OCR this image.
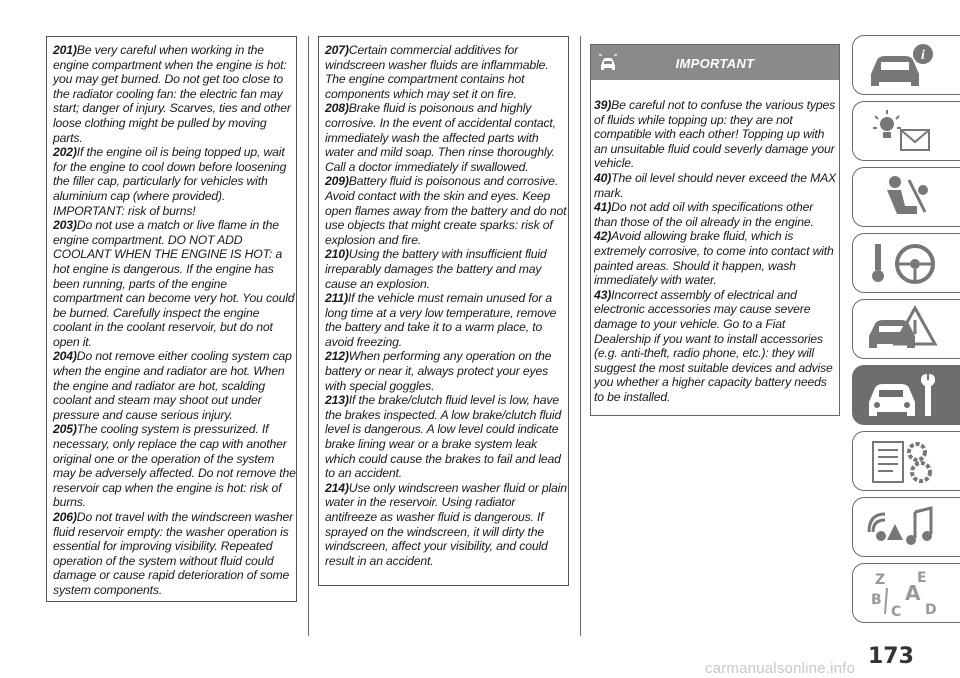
201)Be very careful when working in the engine compartment when the engine is hot: you may get burned. Do not get too close to the radiator cooling fan: the electric fan may start; danger of injury. Scarves, ties and other loose clothing might be pulled by moving parts.
202)If the engine oil is being topped up, wait for the engine to cool down before loosening the filler cap, particularly for vehicles with aluminium cap (where provided). IMPORTANT: risk of burns!
203)Do not use a match or live flame in the engine compartment. DO NOT ADD COOLANT WHEN THE ENGINE IS HOT: a hot engine is dangerous. If the engine has been running, parts of the engine compartment can become very hot. You could be burned. Carefully inspect the engine coolant in the coolant reservoir, but do not open it.
204)Do not remove either cooling system cap when the engine and radiator are hot. When the engine and radiator are hot, scalding coolant and steam may shoot out under pressure and cause serious injury.
205)The cooling system is pressurized. If necessary, only replace the cap with another original one or the operation of the system may be adversely affected. Do not remove the reservoir cap when the engine is hot: risk of burns.
206)Do not travel with the windscreen washer fluid reservoir empty: the washer operation is essential for improving visibility. Repeated operation of the system without fluid could damage or cause rapid deterioration of some system components.
207)Certain commercial additives for windscreen washer fluids are inflammable. The engine compartment contains hot components which may set it on fire.
208)Brake fluid is poisonous and highly corrosive. In the event of accidental contact, immediately wash the affected parts with water and mild soap. Then rinse thoroughly. Call a doctor immediately if swallowed.
209)Battery fluid is poisonous and corrosive. Avoid contact with the skin and eyes. Keep open flames away from the battery and do not use objects that might create sparks: risk of explosion and fire.
210)Using the battery with insufficient fluid irreparably damages the battery and may cause an explosion.
211)If the vehicle must remain unused for a long time at a very low temperature, remove the battery and take it to a warm place, to avoid freezing.
212)When performing any operation on the battery or near it, always protect your eyes with special goggles.
213)If the brake/clutch fluid level is low, have the brakes inspected. A low brake/clutch fluid level is dangerous. A low level could indicate brake lining wear or a brake system leak which could cause the brakes to fail and lead to an accident.
214)Use only windscreen washer fluid or plain water in the reservoir. Using radiator antifreeze as washer fluid is dangerous. If sprayed on the windscreen, it will dirty the windscreen, affect your visibility, and could result in an accident.
IMPORTANT
39)Be careful not to confuse the various types of fluids while topping up: they are not compatible with each other! Topping up with an unsuitable fluid could severly damage your vehicle.
40)The oil level should never exceed the MAX mark.
41)Do not add oil with specifications other than those of the oil already in the engine.
42)Avoid allowing brake fluid, which is extremely corrosive, to come into contact with painted areas. Should it happen, wash immediately with water.
43)Incorrect assembly of electrical and electronic accessories may cause severe damage to your vehicle. Go to a Fiat Dealership if you want to install accessories (e.g. anti-theft, radio phone, etc.): they will suggest the most suitable devices and advise you whether a higher capacity battery needs to be installed.
i
Z E
B A
C D
173
carmanualsonline.info
